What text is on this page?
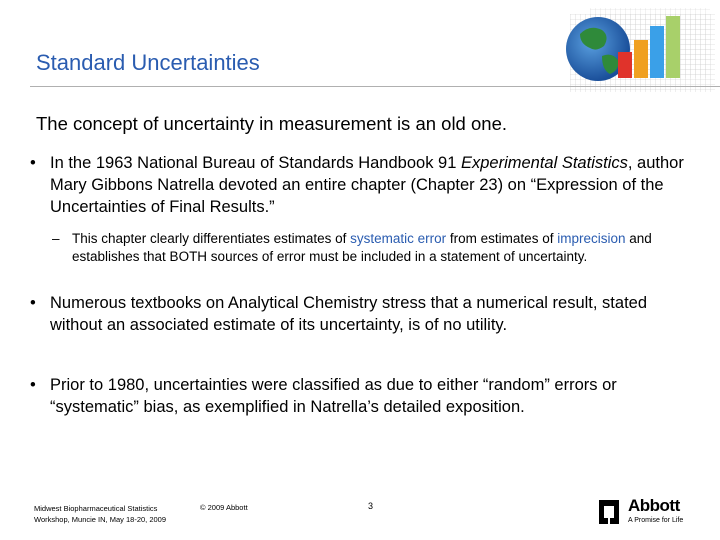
Standard Uncertainties
The concept of uncertainty in measurement is an old one.
• In the 1963 National Bureau of Standards Handbook 91 Experimental Statistics, author Mary Gibbons Natrella devoted an entire chapter (Chapter 23) on “Expression of the Uncertainties of Final Results.”
– This chapter clearly differentiates estimates of systematic error from estimates of imprecision and establishes that BOTH sources of error must be included in a statement of uncertainty.
• Numerous textbooks on Analytical Chemistry stress that a numerical result, stated without an associated estimate of its uncertainty, is of no utility.
• Prior to 1980, uncertainties were classified as due to either “random” errors or “systematic” bias, as exemplified in Natrella’s detailed exposition.
Midwest Biopharmaceutical Statistics
Workshop, Muncie IN, May 18-20, 2009
© 2009 Abbott	3	Abbott
A Promise for Life
